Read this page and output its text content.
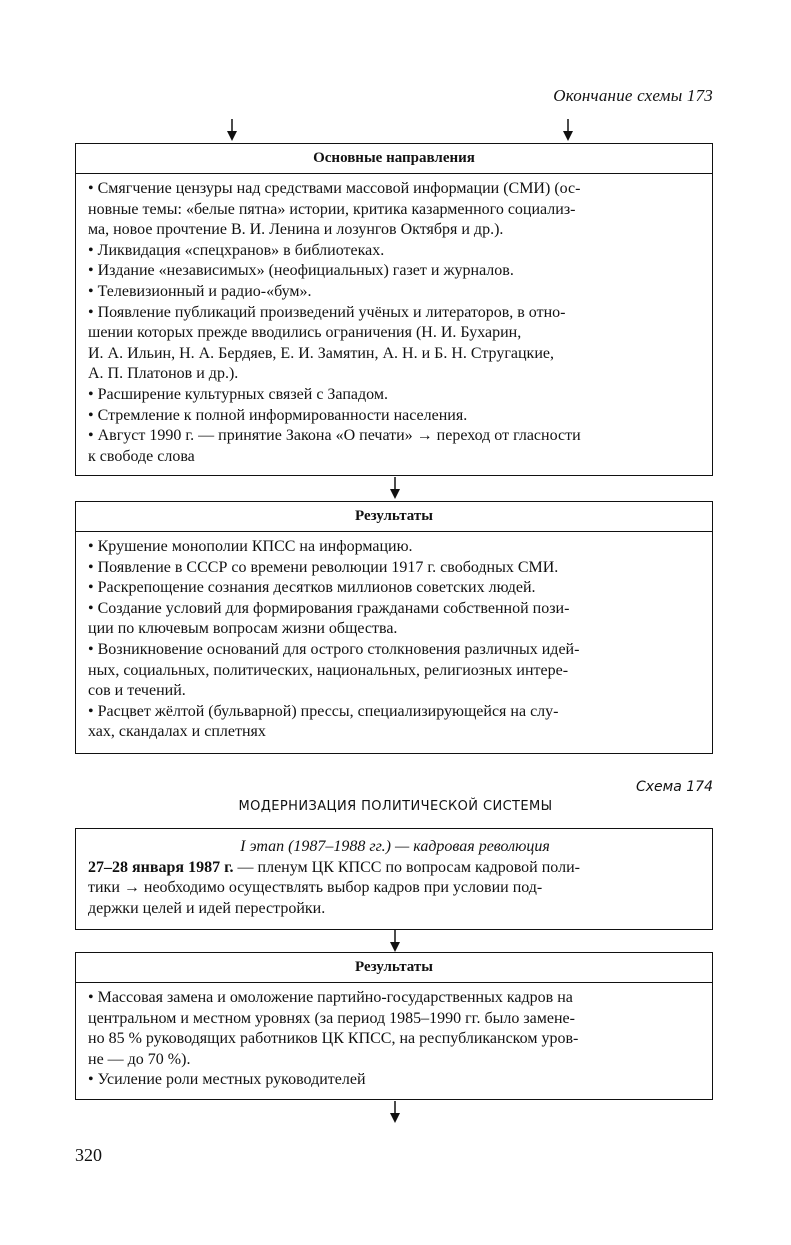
Окончание схемы 173
Основные направления
• Смягчение цензуры над средствами массовой информации (СМИ) (ос-
новные темы: «белые пятна» истории, критика казарменного социализ-
ма, новое прочтение В. И. Ленина и лозунгов Октября и др.).
• Ликвидация «спецхранов» в библиотеках.
• Издание «независимых» (неофициальных) газет и журналов.
• Телевизионный и радио-«бум».
• Появление публикаций произведений учёных и литераторов, в отно-
шении которых прежде вводились ограничения (Н. И. Бухарин,
И. А. Ильин, Н. А. Бердяев, Е. И. Замятин, А. Н. и Б. Н. Стругацкие,
А. П. Платонов и др.).
• Расширение культурных связей с Западом.
• Стремление к полной информированности населения.
• Август 1990 г. — принятие Закона «О печати» → переход от гласности
к свободе слова
Результаты
• Крушение монополии КПСС на информацию.
• Появление в СССР со времени революции 1917 г. свободных СМИ.
• Раскрепощение сознания десятков миллионов советских людей.
• Создание условий для формирования гражданами собственной пози-
ции по ключевым вопросам жизни общества.
• Возникновение оснований для острого столкновения различных идей-
ных, социальных, политических, национальных, религиозных интере-
сов и течений.
• Расцвет жёлтой (бульварной) прессы, специализирующейся на слу-
хах, скандалах и сплетнях
Схема 174
МОДЕРНИЗАЦИЯ ПОЛИТИЧЕСКОЙ СИСТЕМЫ
I этап (1987–1988 гг.) — кадровая революция
27–28 января 1987 г. — пленум ЦК КПСС по вопросам кадровой поли-
тики → необходимо осуществлять выбор кадров при условии под-
держки целей и идей перестройки.
Результаты
• Массовая замена и омоложение партийно-государственных кадров на
центральном и местном уровнях (за период 1985–1990 гг. было замене-
но 85 % руководящих работников ЦК КПСС, на республиканском уров-
не — до 70 %).
• Усиление роли местных руководителей
320
